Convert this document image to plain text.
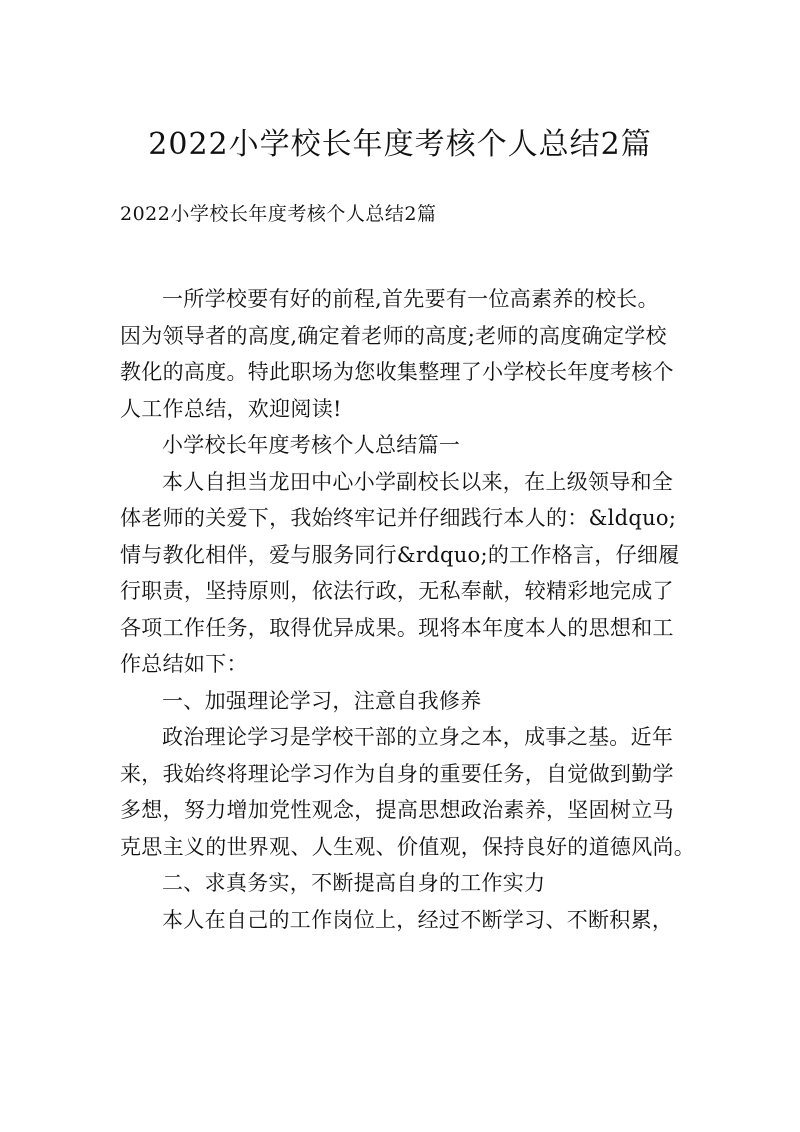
2022小学校长年度考核个人总结2篇
2022小学校长年度考核个人总结2篇

一所学校要有好的前程,首先要有一位高素养的校长。
因为领导者的高度,确定着老师的高度;老师的高度确定学校
教化的高度。特此职场为您收集整理了小学校长年度考核个
人工作总结，欢迎阅读!

小学校长年度考核个人总结篇一

本人自担当龙田中心小学副校长以来，在上级领导和全
体老师的关爱下，我始终牢记并仔细践行本人的：&ldquo;
情与教化相伴，爱与服务同行&rdquo;的工作格言，仔细履
行职责，坚持原则，依法行政，无私奉献，较精彩地完成了
各项工作任务，取得优异成果。现将本年度本人的思想和工
作总结如下：

一、加强理论学习，注意自我修养

政治理论学习是学校干部的立身之本，成事之基。近年
来，我始终将理论学习作为自身的重要任务，自觉做到勤学
多想，努力增加党性观念，提高思想政治素养，坚固树立马
克思主义的世界观、人生观、价值观，保持良好的道德风尚。

二、求真务实，不断提高自身的工作实力

本人在自己的工作岗位上，经过不断学习、不断积累，
